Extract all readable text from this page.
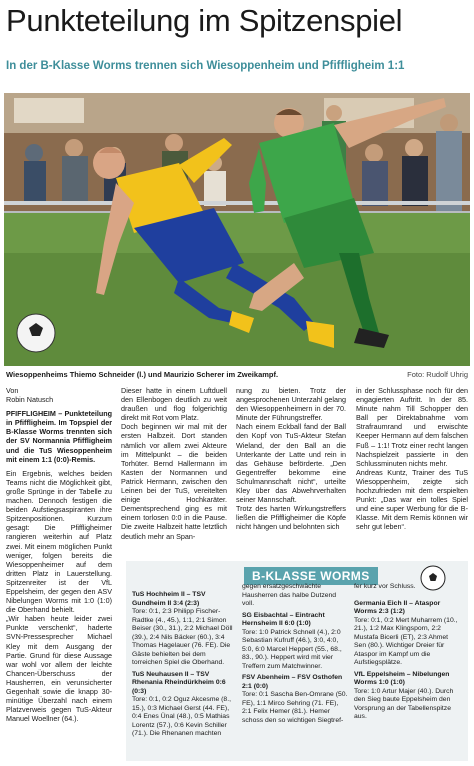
Punkteteilung im Spitzenspiel
In der B-Klasse Worms trennen sich Wiesoppenheim und Pfiffligheim 1:1
Wiesoppenheims Thiemo Schneider (l.) und Maurizio Scherer im Zweikampf.	Foto: Rudolf Uhrig
Von
Robin Natusch

PFIFFLIGHEIM – Punkteteilung in Pfiffligheim. Im Topspiel der B-Klasse Worms trennten sich der SV Normannia Pfiffligheim und die TuS Wiesoppenheim mit einem 1:1 (0:0)-Remis.

Ein Ergebnis, welches beiden Teams nicht die Möglichkeit gibt, große Sprünge in der Tabelle zu machen. Dennoch festigen die beiden Aufstiegsaspiranten ihre Spitzenpositionen. Kurzum gesagt: Die Pfiffligheimer rangieren weiterhin auf Platz zwei. Mit einem möglichen Punkt weniger, folgen bereits die Wiesoppenheimer auf dem dritten Platz in Lauerstellung. Spitzenreiter ist der VfL Eppelsheim, der gegen den ASV Nibelungen Worms mit 1:0 (1:0) die Oberhand behielt.

„Wir haben heute leider zwei Punkte verschenkt“, haderte SVN-Pressesprecher Michael Kley mit dem Ausgang der Partie. Grund für diese Aussage war wohl vor allem der leichte Chancen-Überschuss der Hausherren, ein verunsicherter Gegenhalt sowie die knapp 30-minütige Überzahl nach einem Platzverweis gegen TuS-Akteur Manuel Woellner (64.).

Dieser hatte in einem Luftduell den Ellenbogen deutlich zu weit draußen und flog folgerichtig direkt mit Rot vom Platz.

Doch beginnen wir mal mit der ersten Halbzeit. Dort standen nämlich vor allem zwei Akteure im Mittelpunkt – die beiden Torhüter. Bernd Hallermann im Kasten der Normannen und Patrick Hermann, zwischen den Leinen bei der TuS, vereitelten einige Hochkaräter. Dementsprechend ging es mit einem torlosen 0:0 in die Pause. Die zweite Halbzeit hatte letztlich deutlich mehr an Span-

nung zu bieten. Trotz der angesprochenen Unterzahl gelang den Wiesoppenheimern in der 70. Minute der Führungstreffer.

Nach einem Eckball fand der Ball den Kopf von TuS-Akteur Stefan Wieland, der den Ball an die Unterkante der Latte und rein in das Gehäuse beförderte. „Den Gegentreffer bekomme eine Schulmannschaft nicht“, urteilte Kley über das Abwehrverhalten seiner Mannschaft.

Trotz des harten Wirkungstreffers ließen die Pfiffligheimer die Köpfe nicht hängen und belohnten sich

in der Schlussphase noch für den engagierten Auftritt. In der 85. Minute nahm Till Schopper den Ball per Direktabnahme vom Strafraumrand und erwischte Keeper Hermann auf dem falschen Fuß – 1:1! Trotz einer recht langen Nachspielzeit passierte in den Schlussminuten nichts mehr.

Andreas Kuntz, Trainer des TuS Wiesoppenheim, zeigte sich hochzufrieden mit dem erspielten Punkt: „Das war ein tolles Spiel und eine super Werbung für die B-Klasse. Mit dem Remis können wir sehr gut leben“.

B-KLASSE WORMS

TuS Hochheim II – TSV Gundheim II 3:4 (2:3)
Tore: 0:1, 2:3 Philipp Fischer-Radtke (4., 45.), 1:1, 2:1 Simon Beiser (30., 31.), 2:2 Michael Döll (39.), 2:4 Nils Bäcker (60.), 3:4 Thomas Hagelauer (76. FE). Die Gäste behielten bei dem torreichen Spiel die Oberhand.

TuS Neuhausen II – TSV Rhenania Rheindürkheim 0:6 (0:3)
Tore: 0:1, 0:2 Oguz Akcesme (8., 15.), 0:3 Michael Gerst (44. FE), 0:4 Enes Ünal (48.), 0:5 Mathias Lorentz (57.), 0:6 Kevin Schiller (71.). Die Rhenanen machten

gegen ersatzgeschwächte Hausherren das halbe Dutzend voll.

SG Eisbachtal – Eintracht Hernsheim II 6:0 (1:0)
Tore: 1:0 Patrick Schnell (4.), 2:0 Sebastian Kufruff (46.), 3:0, 4:0, 5:0, 6:0 Marcel Heppert (55., 68., 83., 90.). Heppert wird mit vier Treffern zum Matchwinner.

FSV Abenheim – FSV Osthofen 2:1 (0:0)
Tore: 0:1 Sascha Ben-Omrane (50. FE), 1:1 Mirco Sehring (71. FE), 2:1 Felix Hemer (81.). Hemer schoss den so wichtigen Siegtref-

fer kurz vor Schluss.

Germania Eich II – Ataspor Worms 2:3 (1:2)
Tore: 0:1, 0:2 Mert Muharrem (10., 21.), 1:2 Max Klingsporn, 2:2 Mustafa Bicerli (ET), 2:3 Ahmet Sen (80.). Wichtiger Dreier für Ataspor im Kampf um die Aufstiegsplätze.

VfL Eppelsheim – Nibelungen Worms 1:0 (1:0)
Tore: 1:0 Artur Majer (40.). Durch den Sieg baute Eppelsheim den Vorsprung an der Tabellenspitze aus.
